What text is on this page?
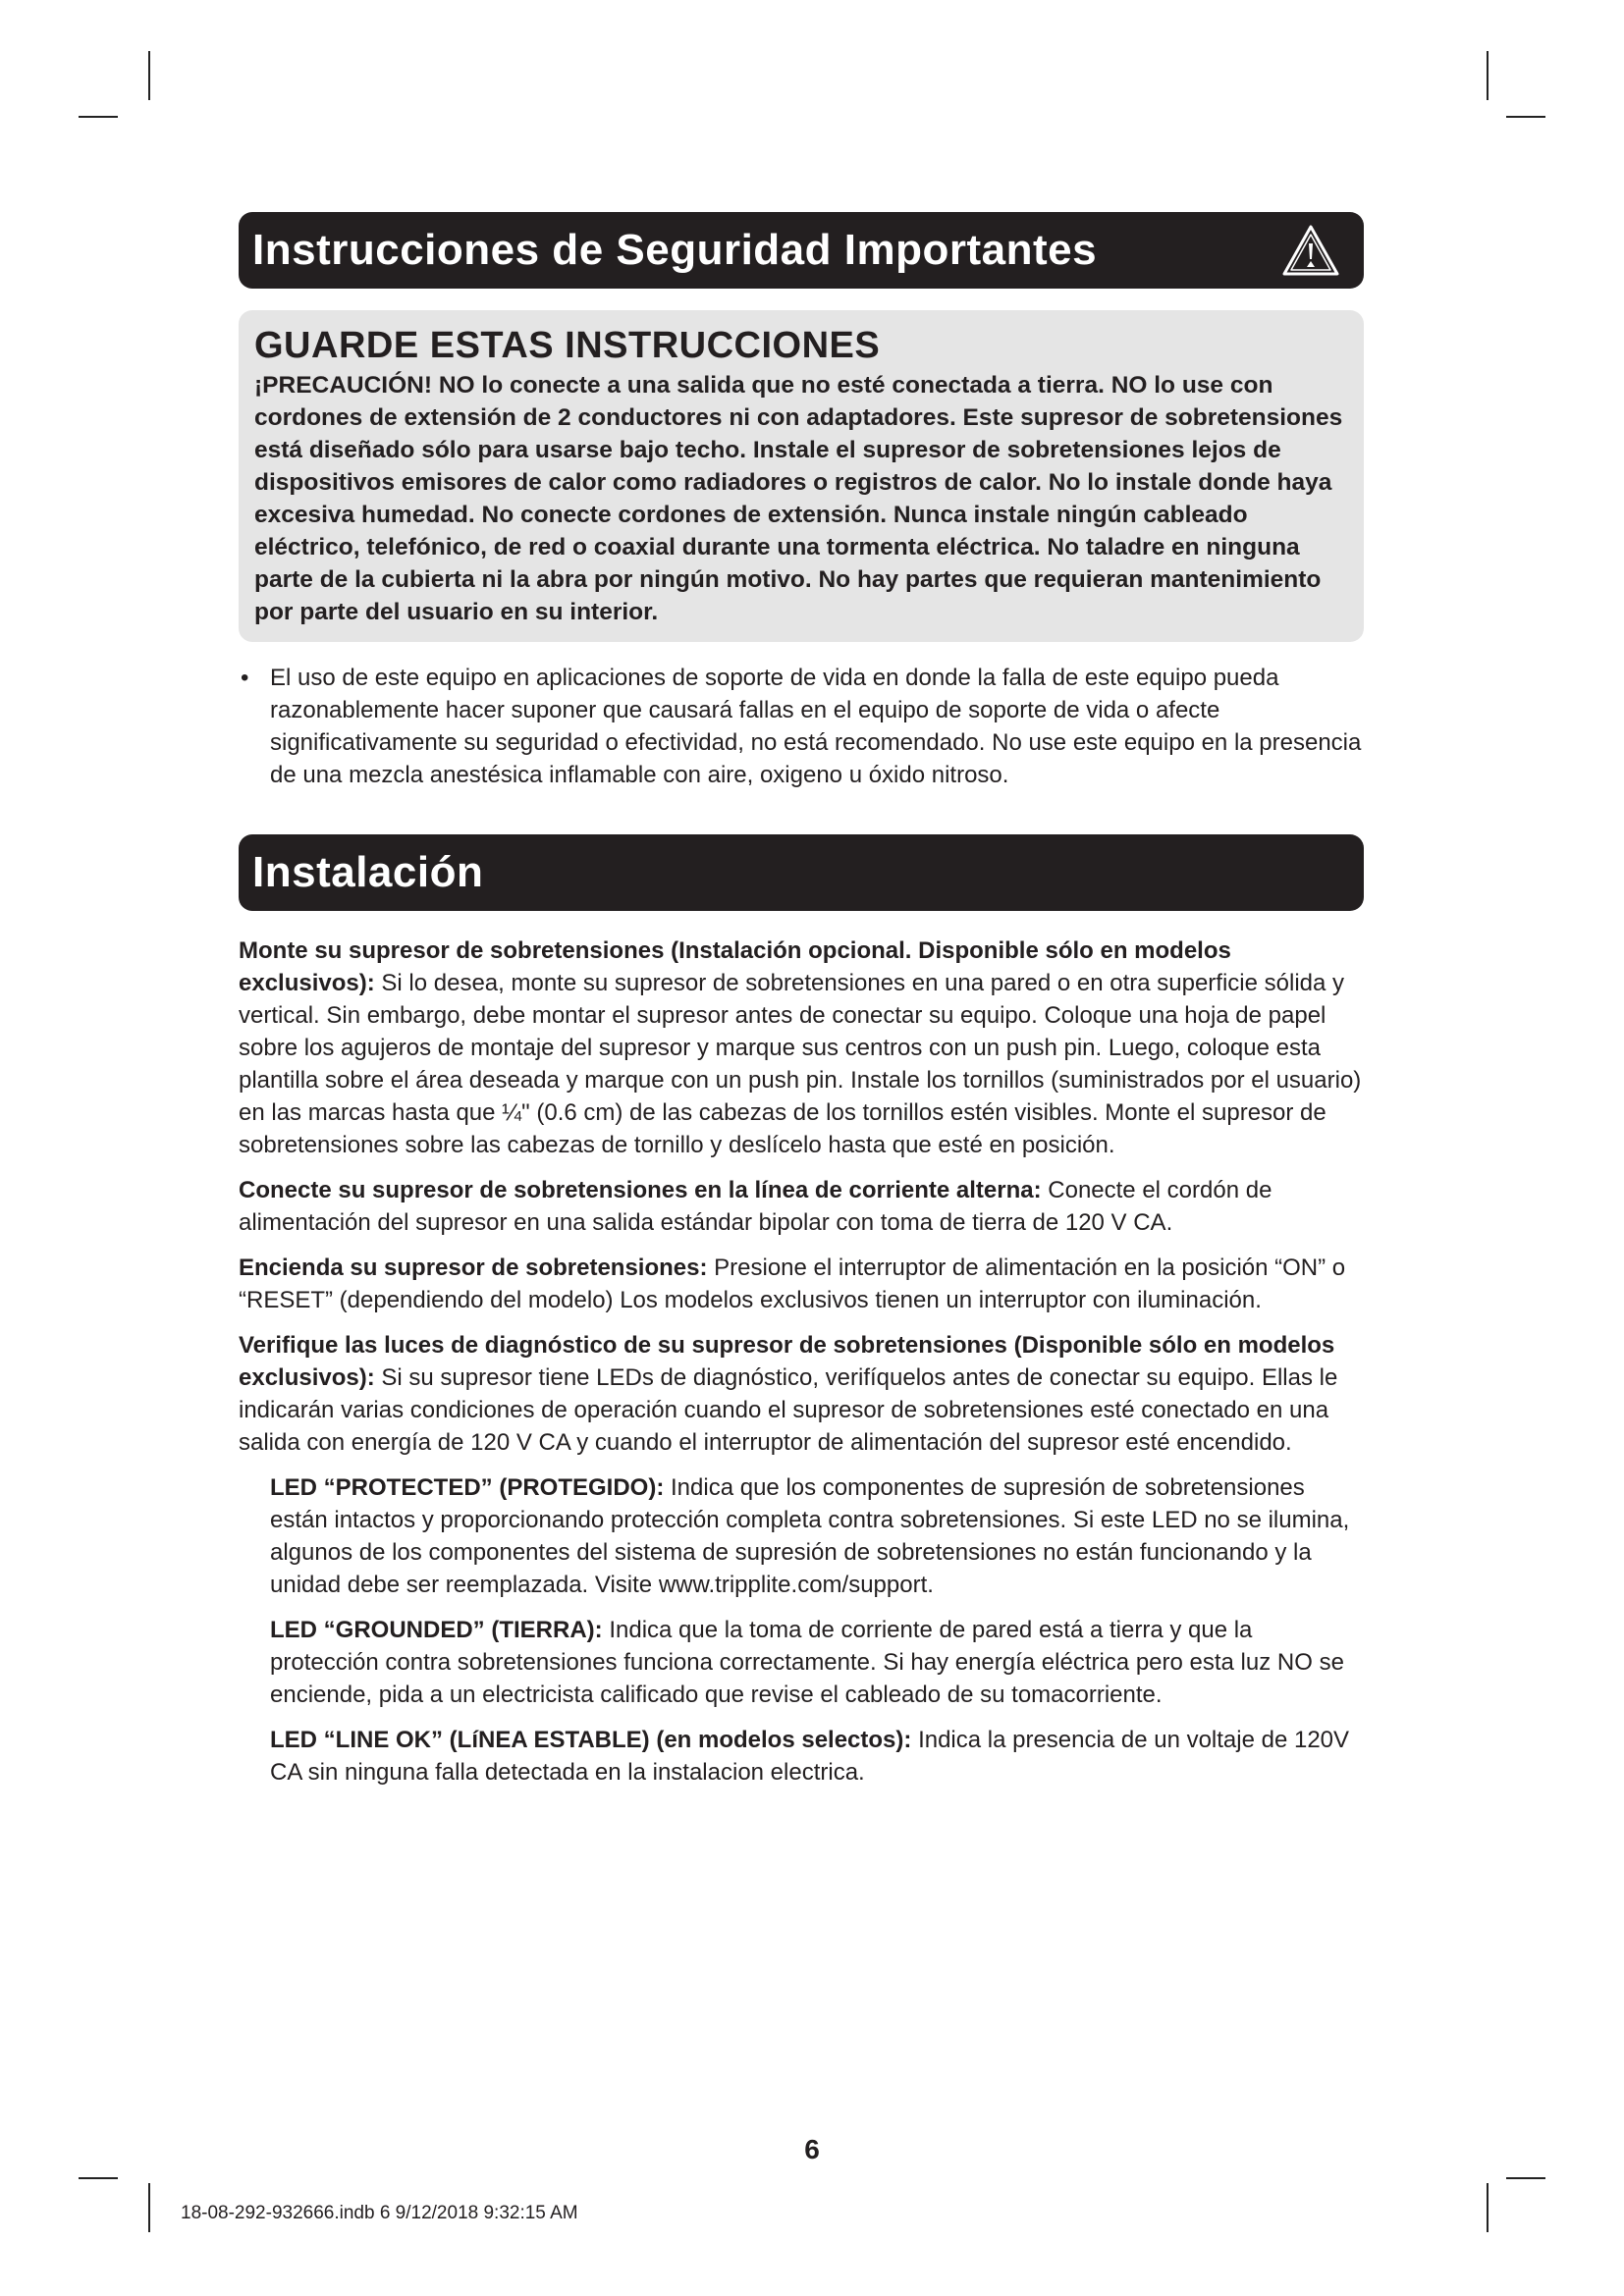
Instrucciones de Seguridad Importantes
GUARDE ESTAS INSTRUCCIONES

¡PRECAUCIÓN! NO lo conecte a una salida que no esté conectada a tierra. NO lo use con cordones de extensión de 2 conductores ni con adaptadores. Este supresor de sobretensiones está diseñado sólo para usarse bajo techo. Instale el supresor de sobretensiones lejos de dispositivos emisores de calor como radiadores o registros de calor. No lo instale donde haya excesiva humedad. No conecte cordones de extensión. Nunca instale ningún cableado eléctrico, telefónico, de red o coaxial durante una tormenta eléctrica. No taladre en ninguna parte de la cubierta ni la abra por ningún motivo. No hay partes que requieran mantenimiento por parte del usuario en su interior.

• El uso de este equipo en aplicaciones de soporte de vida en donde la falla de este equipo pueda razonablemente hacer suponer que causará fallas en el equipo de soporte de vida o afecte significativamente su seguridad o efectividad, no está recomendado. No use este equipo en la presencia de una mezcla anestésica inflamable con aire, oxigeno u óxido nitroso.
Instalación

Monte su supresor de sobretensiones (Instalación opcional. Disponible sólo en modelos exclusivos): Si lo desea, monte su supresor de sobretensiones en una pared o en otra superficie sólida y vertical. Sin embargo, debe montar el supresor antes de conectar su equipo. Coloque una hoja de papel sobre los agujeros de montaje del supresor y marque sus centros con un push pin. Luego, coloque esta plantilla sobre el área deseada y marque con un push pin. Instale los tornillos (suministrados por el usuario) en las marcas hasta que ¼" (0.6 cm) de las cabezas de los tornillos estén visibles. Monte el supresor de sobretensiones sobre las cabezas de tornillo y deslícelo hasta que esté en posición.

Conecte su supresor de sobretensiones en la línea de corriente alterna: Conecte el cordón de alimentación del supresor en una salida estándar bipolar con toma de tierra de 120 V CA.

Encienda su supresor de sobretensiones: Presione el interruptor de alimentación en la posición “ON” o “RESET” (dependiendo del modelo) Los modelos exclusivos tienen un interruptor con iluminación.

Verifique las luces de diagnóstico de su supresor de sobretensiones (Disponible sólo en modelos exclusivos): Si su supresor tiene LEDs de diagnóstico, verifíquelos antes de conectar su equipo. Ellas le indicarán varias condiciones de operación cuando el supresor de sobretensiones esté conectado en una salida con energía de 120 V CA y cuando el interruptor de alimentación del supresor esté encendido.

LED “PROTECTED” (PROTEGIDO): Indica que los componentes de supresión de sobretensiones están intactos y proporcionando protección completa contra sobretensiones. Si este LED no se ilumina, algunos de los componentes del sistema de supresión de sobretensiones no están funcionando y la unidad debe ser reemplazada. Visite www.tripplite.com/support.

LED “GROUNDED” (TIERRA): Indica que la toma de corriente de pared está a tierra y que la protección contra sobretensiones funciona correctamente. Si hay energía eléctrica pero esta luz NO se enciende, pida a un electricista calificado que revise el cableado de su tomacorriente.

LED “LINE OK” (LíNEA ESTABLE) (en modelos selectos): Indica la presencia de un voltaje de 120V CA sin ninguna falla detectada en la instalacion electrica.

6
18-08-292-932666.indb 6 9/12/2018 9:32:15 AM
